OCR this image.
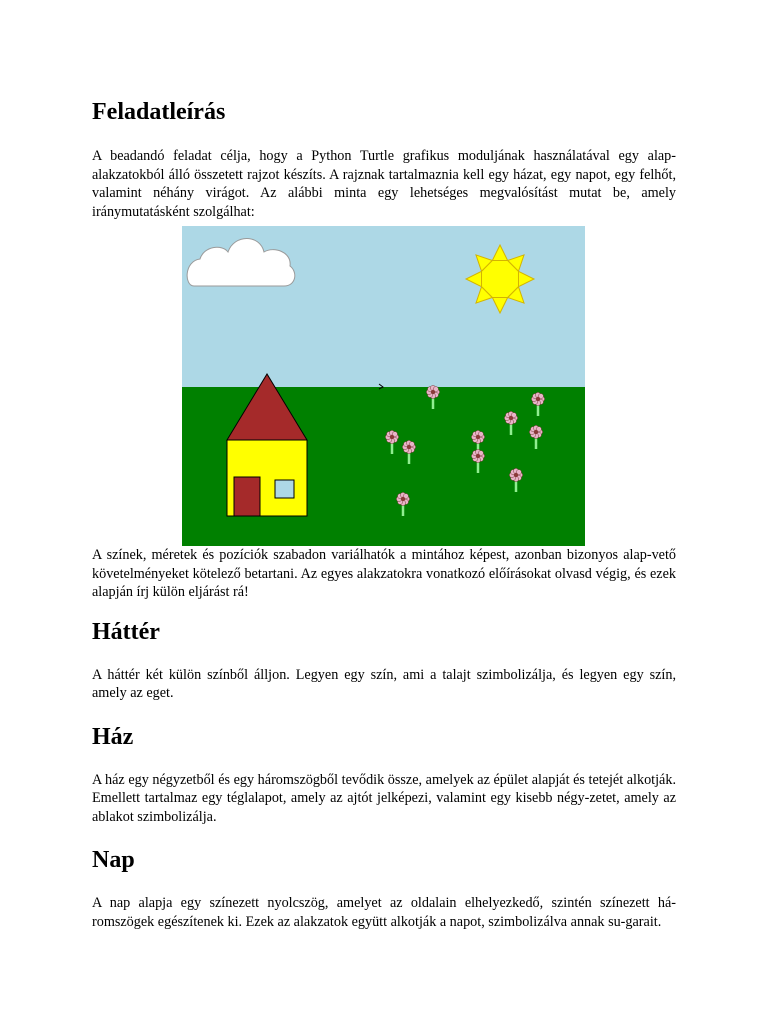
Feladatleírás

A beadandó feladat célja, hogy a Python Turtle grafikus moduljának használatával egy alap-alakzatokból álló összetett rajzot készíts. A rajznak tartalmaznia kell egy házat, egy napot, egy felhőt, valamint néhány virágot. Az alábbi minta egy lehetséges megvalósítást mutat be, amely iránymutatásként szolgálhat:

A színek, méretek és pozíciók szabadon variálhatók a mintához képest, azonban bizonyos alap-vető követelményeket kötelező betartani. Az egyes alakzatokra vonatkozó előírásokat olvasd végig, és ezek alapján írj külön eljárást rá!

Háttér

A háttér két külön színből álljon. Legyen egy szín, ami a talajt szimbolizálja, és legyen egy szín, amely az eget.

Ház

A ház egy négyzetből és egy háromszögből tevődik össze, amelyek az épület alapját és tetejét alkotják. Emellett tartalmaz egy téglalapot, amely az ajtót jelképezi, valamint egy kisebb négy-zetet, amely az ablakot szimbolizálja.

Nap

A nap alapja egy színezett nyolcszög, amelyet az oldalain elhelyezkedő, szintén színezett há-romszögek egészítenek ki. Ezek az alakzatok együtt alkotják a napot, szimbolizálva annak su-garait.
